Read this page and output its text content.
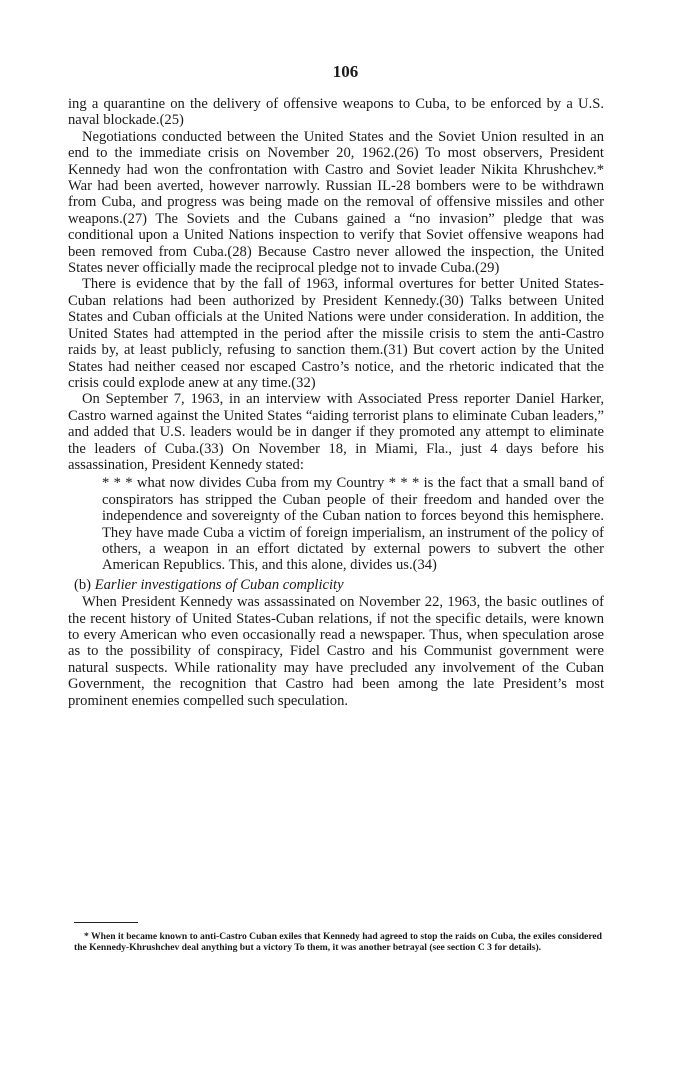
106

ing a quarantine on the delivery of offensive weapons to Cuba, to be enforced by a U.S. naval blockade.(25)

Negotiations conducted between the United States and the Soviet Union resulted in an end to the immediate crisis on November 20, 1962.(26) To most observers, President Kennedy had won the confrontation with Castro and Soviet leader Nikita Khrushchev.* War had been averted, however narrowly. Russian IL-28 bombers were to be withdrawn from Cuba, and progress was being made on the removal of offensive missiles and other weapons.(27) The Soviets and the Cubans gained a “no invasion” pledge that was conditional upon a United Nations inspection to verify that Soviet offensive weapons had been removed from Cuba.(28) Because Castro never allowed the inspection, the United States never officially made the reciprocal pledge not to invade Cuba.(29)

There is evidence that by the fall of 1963, informal overtures for better United States-Cuban relations had been authorized by President Kennedy.(30) Talks between United States and Cuban officials at the United Nations were under consideration. In addition, the United States had attempted in the period after the missile crisis to stem the anti-Castro raids by, at least publicly, refusing to sanction them.(31) But covert action by the United States had neither ceased nor escaped Castro’s notice, and the rhetoric indicated that the crisis could explode anew at any time.(32)

On September 7, 1963, in an interview with Associated Press reporter Daniel Harker, Castro warned against the United States “aiding terrorist plans to eliminate Cuban leaders,” and added that U.S. leaders would be in danger if they promoted any attempt to eliminate the leaders of Cuba.(33) On November 18, in Miami, Fla., just 4 days before his assassination, President Kennedy stated:

* * * what now divides Cuba from my Country * * * is the fact that a small band of conspirators has stripped the Cuban people of their freedom and handed over the independence and sovereignty of the Cuban nation to forces beyond this hemisphere. They have made Cuba a victim of foreign imperialism, an instrument of the policy of others, a weapon in an effort dictated by external powers to subvert the other American Republics. This, and this alone, divides us.(34)
(b) Earlier investigations of Cuban complicity

When President Kennedy was assassinated on November 22, 1963, the basic outlines of the recent history of United States-Cuban relations, if not the specific details, were known to every American who even occasionally read a newspaper. Thus, when speculation arose as to the possibility of conspiracy, Fidel Castro and his Communist government were natural suspects. While rationality may have precluded any involvement of the Cuban Government, the recognition that Castro had been among the late President’s most prominent enemies compelled such speculation.

* When it became known to anti-Castro Cuban exiles that Kennedy had agreed to stop the raids on Cuba, the exiles considered the Kennedy-Khrushchev deal anything but a victory To them, it was another betrayal (see section C 3 for details).
